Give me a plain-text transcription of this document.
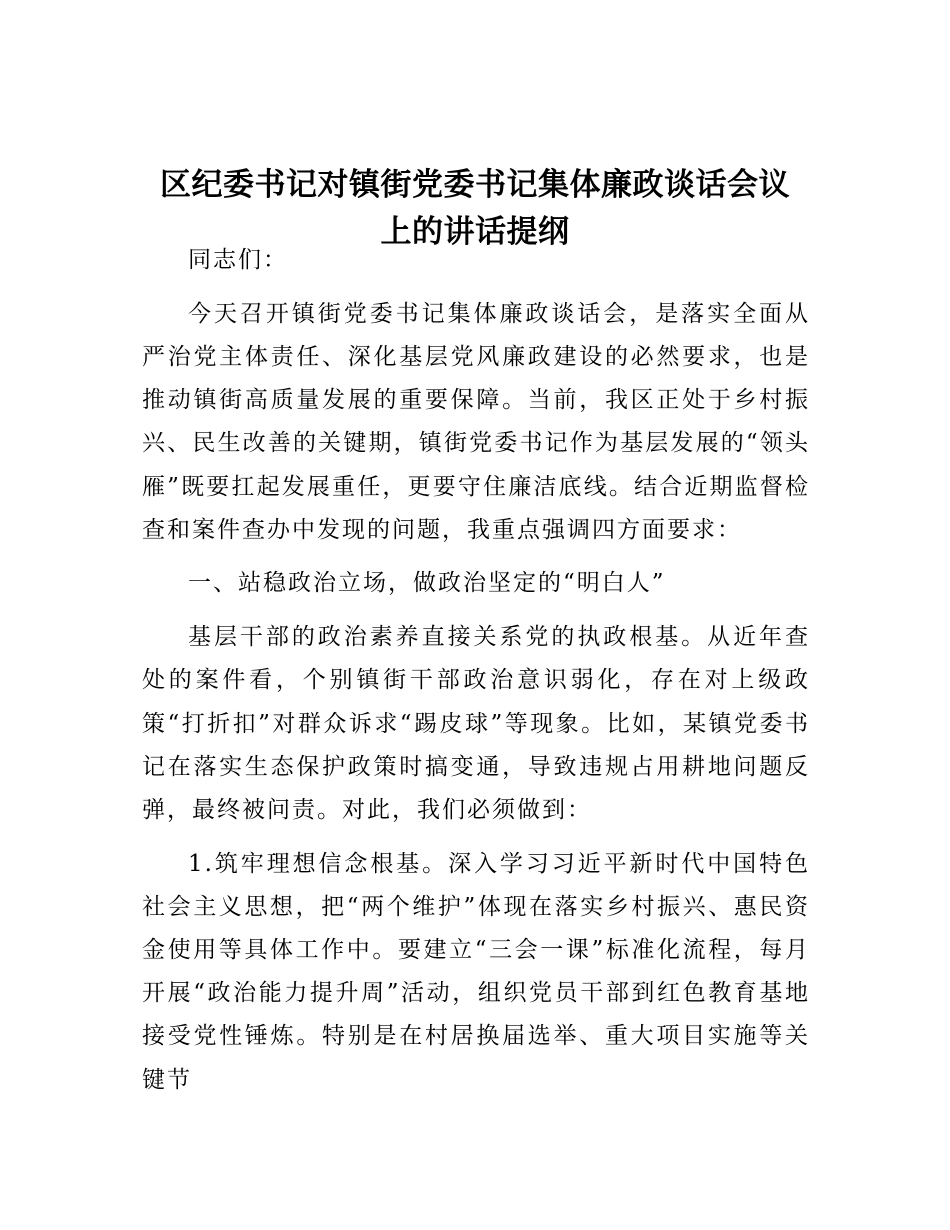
区纪委书记对镇街党委书记集体廉政谈话会议
上的讲话提纲

同志们：

今天召开镇街党委书记集体廉政谈话会，是落实全面从严治党主体责任、深化基层党风廉政建设的必然要求，也是推动镇街高质量发展的重要保障。当前，我区正处于乡村振兴、民生改善的关键期，镇街党委书记作为基层发展的“领头雁”既要扛起发展重任，更要守住廉洁底线。结合近期监督检查和案件查办中发现的问题，我重点强调四方面要求：

一、站稳政治立场，做政治坚定的“明白人”

基层干部的政治素养直接关系党的执政根基。从近年查处的案件看，个别镇街干部政治意识弱化，存在对上级政策“打折扣”对群众诉求“踢皮球”等现象。比如，某镇党委书记在落实生态保护政策时搞变通，导致违规占用耕地问题反弹，最终被问责。对此，我们必须做到：

1.筑牢理想信念根基。深入学习习近平新时代中国特色社会主义思想，把“两个维护”体现在落实乡村振兴、惠民资金使用等具体工作中。要建立“三会一课”标准化流程，每月开展“政治能力提升周”活动，组织党员干部到红色教育基地接受党性锤炼。特别是在村居换届选举、重大项目实施等关键节
